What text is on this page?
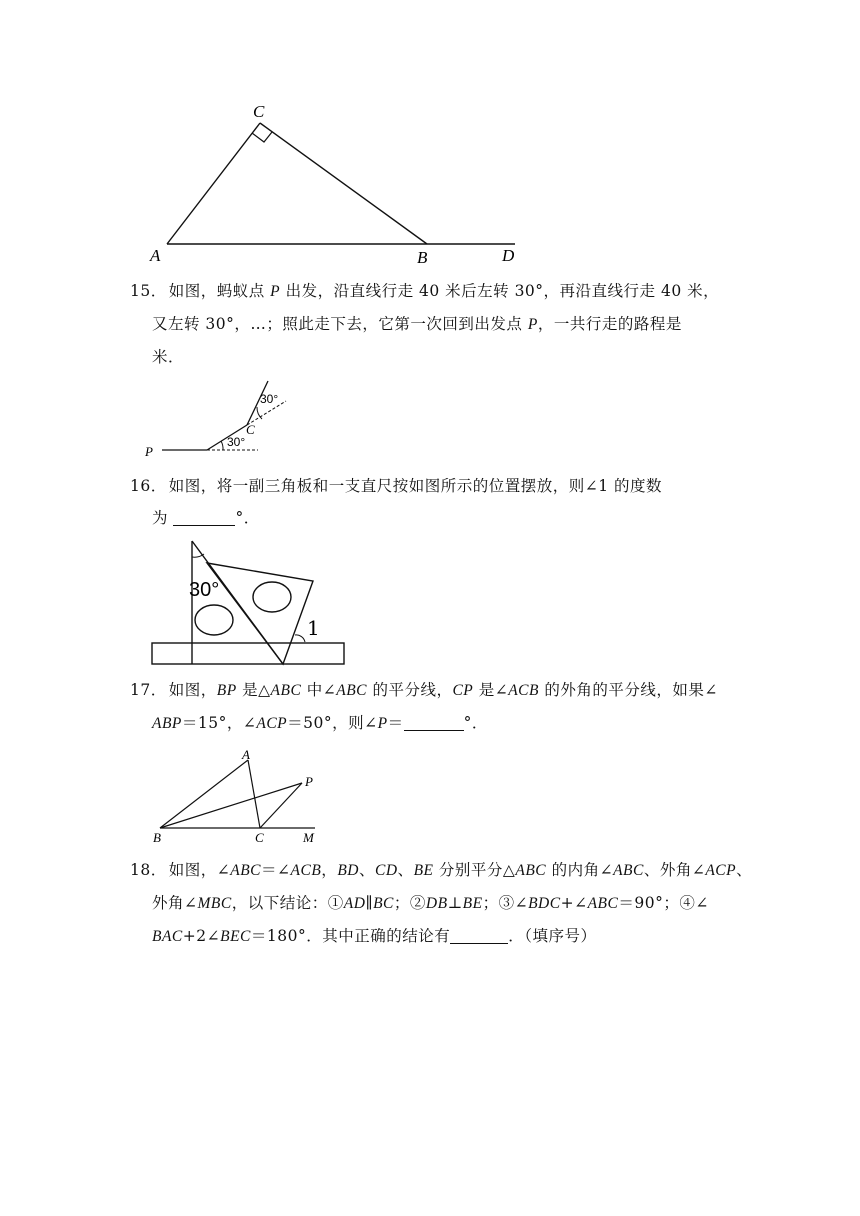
C
A	B	D
15． 如图，蚂蚁点 P 出发，沿直线行走 40 米后左转 30°，再沿直线行走 40 米，
又左转 30°，…；照此走下去，它第一次回到出发点 P，一共行走的路程是
米．
P
C
30°
30°
16． 如图，将一副三角板和一支直尺按如图所示的位置摆放，则∠1 的度数
为	°．
30°
1
17． 如图，BP 是△ABC 中∠ABC 的平分线，CP 是∠ACB 的外角的平分线，如果∠
ABP＝15°，∠ACP＝50°，则∠P＝	°．
A
P
B	C	M
18． 如图，∠ABC＝∠ACB，BD、CD、BE 分别平分△ABC 的内角∠ABC、外角∠ACP、
外角∠MBC，以下结论：①AD∥BC；②DB⊥BE；③∠BDC+∠ABC＝90°；④∠
BAC+2∠BEC＝180°．其中正确的结论有	．（填序号）
